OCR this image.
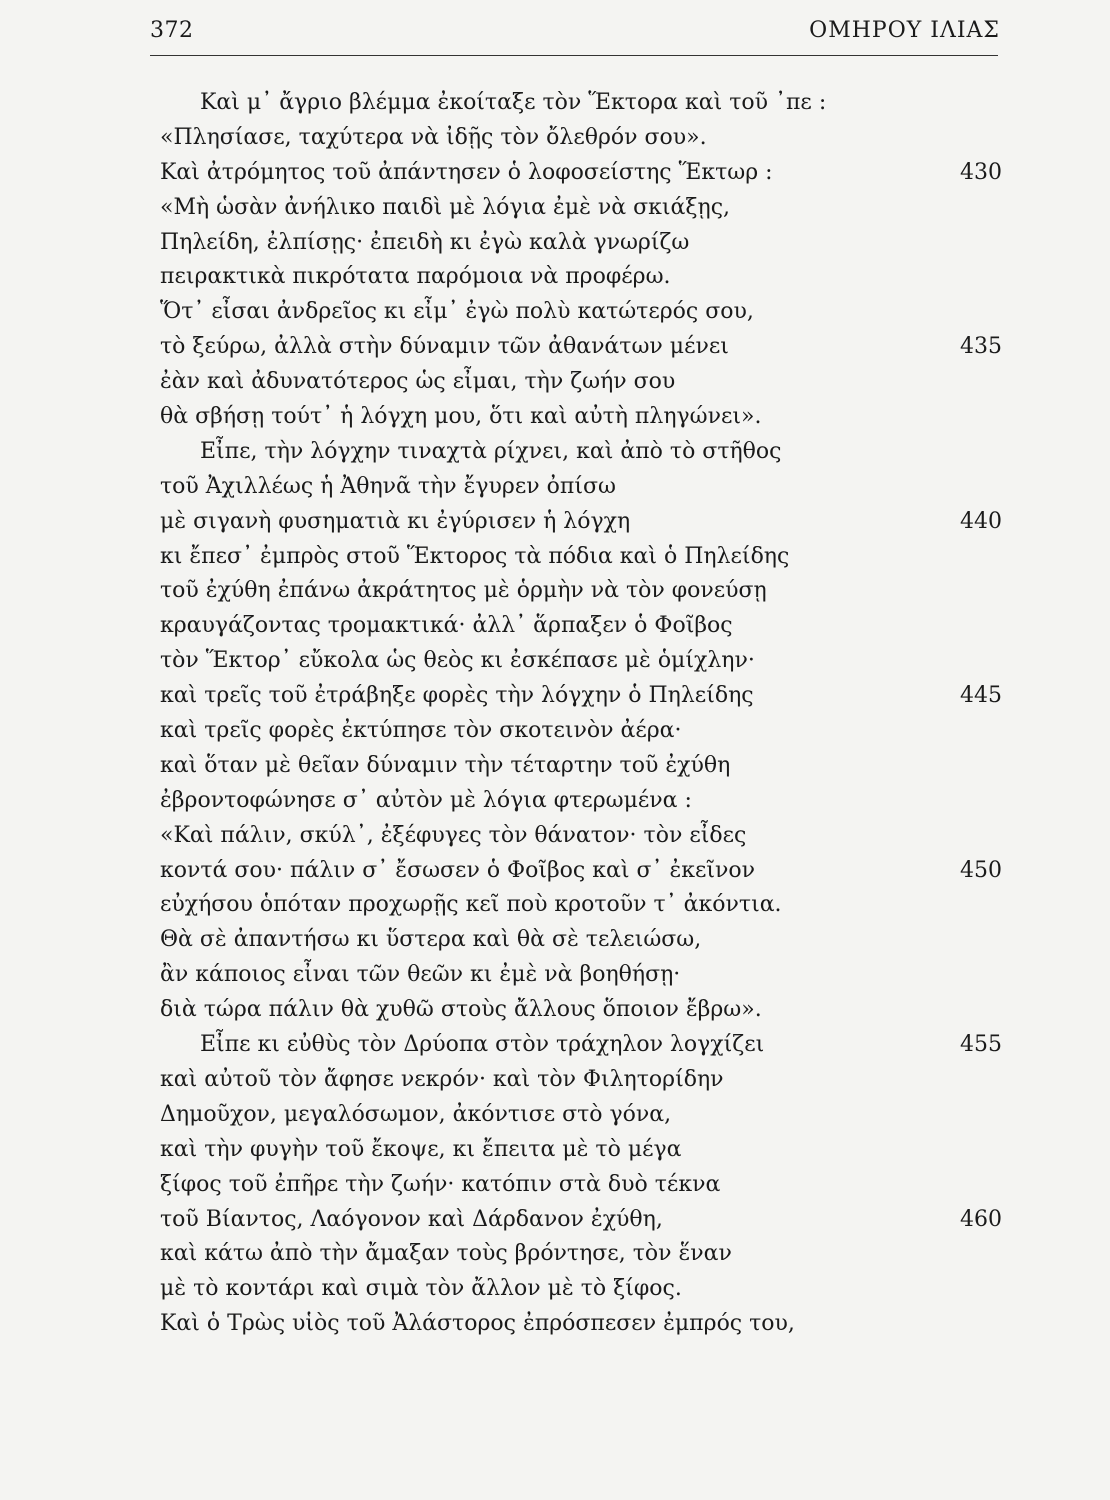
372	ΟΜΗΡΟΥ ΙΛΙΑΣ
Καὶ μ᾽ ἄγριο βλέμμα ἐκοίταξε τὸν Ἕκτορα καὶ τοῦ ᾽πε :
«Πλησίασε, ταχύτερα νὰ ἰδῇς τὸν ὄλεθρόν σου».
Καὶ ἀτρόμητος τοῦ ἀπάντησεν ὁ λοφοσείστης Ἕκτωρ :	430
«Μὴ ὡσὰν ἀνήλικο παιδὶ μὲ λόγια ἐμὲ νὰ σκιάξῃς,
Πηλείδη, ἐλπίσῃς· ἐπειδὴ κι ἐγὼ καλὰ γνωρίζω
πειρακτικὰ πικρότατα παρόμοια νὰ προφέρω.
Ὅτ᾽ εἶσαι ἀνδρεῖος κι εἶμ᾽ ἐγὼ πολὺ κατώτερός σου,
τὸ ξεύρω, ἀλλὰ στὴν δύναμιν τῶν ἀθανάτων μένει	435
ἐὰν καὶ ἀδυνατότερος ὡς εἶμαι, τὴν ζωήν σου
θὰ σβήσῃ τούτ᾽ ἡ λόγχη μου, ὅτι καὶ αὐτὴ πληγώνει».
Εἶπε, τὴν λόγχην τιναχτὰ ρίχνει, καὶ ἀπὸ τὸ στῆθος
τοῦ Ἀχιλλέως ἡ Ἀθηνᾶ τὴν ἔγυρεν ὀπίσω
μὲ σιγανὴ φυσηματιὰ κι ἐγύρισεν ἡ λόγχη	440
κι ἔπεσ᾽ ἐμπρὸς στοῦ Ἕκτορος τὰ πόδια καὶ ὁ Πηλείδης
τοῦ ἐχύθη ἐπάνω ἀκράτητος μὲ ὁρμὴν νὰ τὸν φονεύσῃ
κραυγάζοντας τρομακτικά· ἀλλ᾽ ἅρπαξεν ὁ Φοῖβος
τὸν Ἕκτορ᾽ εὔκολα ὡς θεὸς κι ἐσκέπασε μὲ ὁμίχλην·
καὶ τρεῖς τοῦ ἐτράβηξε φορὲς τὴν λόγχην ὁ Πηλείδης	445
καὶ τρεῖς φορὲς ἐκτύπησε τὸν σκοτεινὸν ἀέρα·
καὶ ὅταν μὲ θεῖαν δύναμιν τὴν τέταρτην τοῦ ἐχύθη
ἐβροντοφώνησε σ᾽ αὐτὸν μὲ λόγια φτερωμένα :
«Καὶ πάλιν, σκύλ᾽, ἐξέφυγες τὸν θάνατον· τὸν εἶδες
κοντά σου· πάλιν σ᾽ ἔσωσεν ὁ Φοῖβος καὶ σ᾽ ἐκεῖνον	450
εὐχήσου ὁπόταν προχωρῇς κεῖ ποὺ κροτοῦν τ᾽ ἀκόντια.
Θὰ σὲ ἀπαντήσω κι ὕστερα καὶ θὰ σὲ τελειώσω,
ἂν κάποιος εἶναι τῶν θεῶν κι ἐμὲ νὰ βοηθήσῃ·
διὰ τώρα πάλιν θὰ χυθῶ στοὺς ἄλλους ὅποιον ἔβρω».
Εἶπε κι εὐθὺς τὸν Δρύοπα στὸν τράχηλον λογχίζει	455
καὶ αὐτοῦ τὸν ἄφησε νεκρόν· καὶ τὸν Φιλητορίδην
Δημοῦχον, μεγαλόσωμον, ἀκόντισε στὸ γόνα,
καὶ τὴν φυγὴν τοῦ ἔκοψε, κι ἔπειτα μὲ τὸ μέγα
ξίφος τοῦ ἐπῆρε τὴν ζωήν· κατόπιν στὰ δυὸ τέκνα
τοῦ Βίαντος, Λαόγονον καὶ Δάρδανον ἐχύθη,	460
καὶ κάτω ἀπὸ τὴν ἄμαξαν τοὺς βρόντησε, τὸν ἕναν
μὲ τὸ κοντάρι καὶ σιμὰ τὸν ἄλλον μὲ τὸ ξίφος.
Καὶ ὁ Τρὼς υἱὸς τοῦ Ἀλάστορος ἐπρόσπεσεν ἐμπρός του,
